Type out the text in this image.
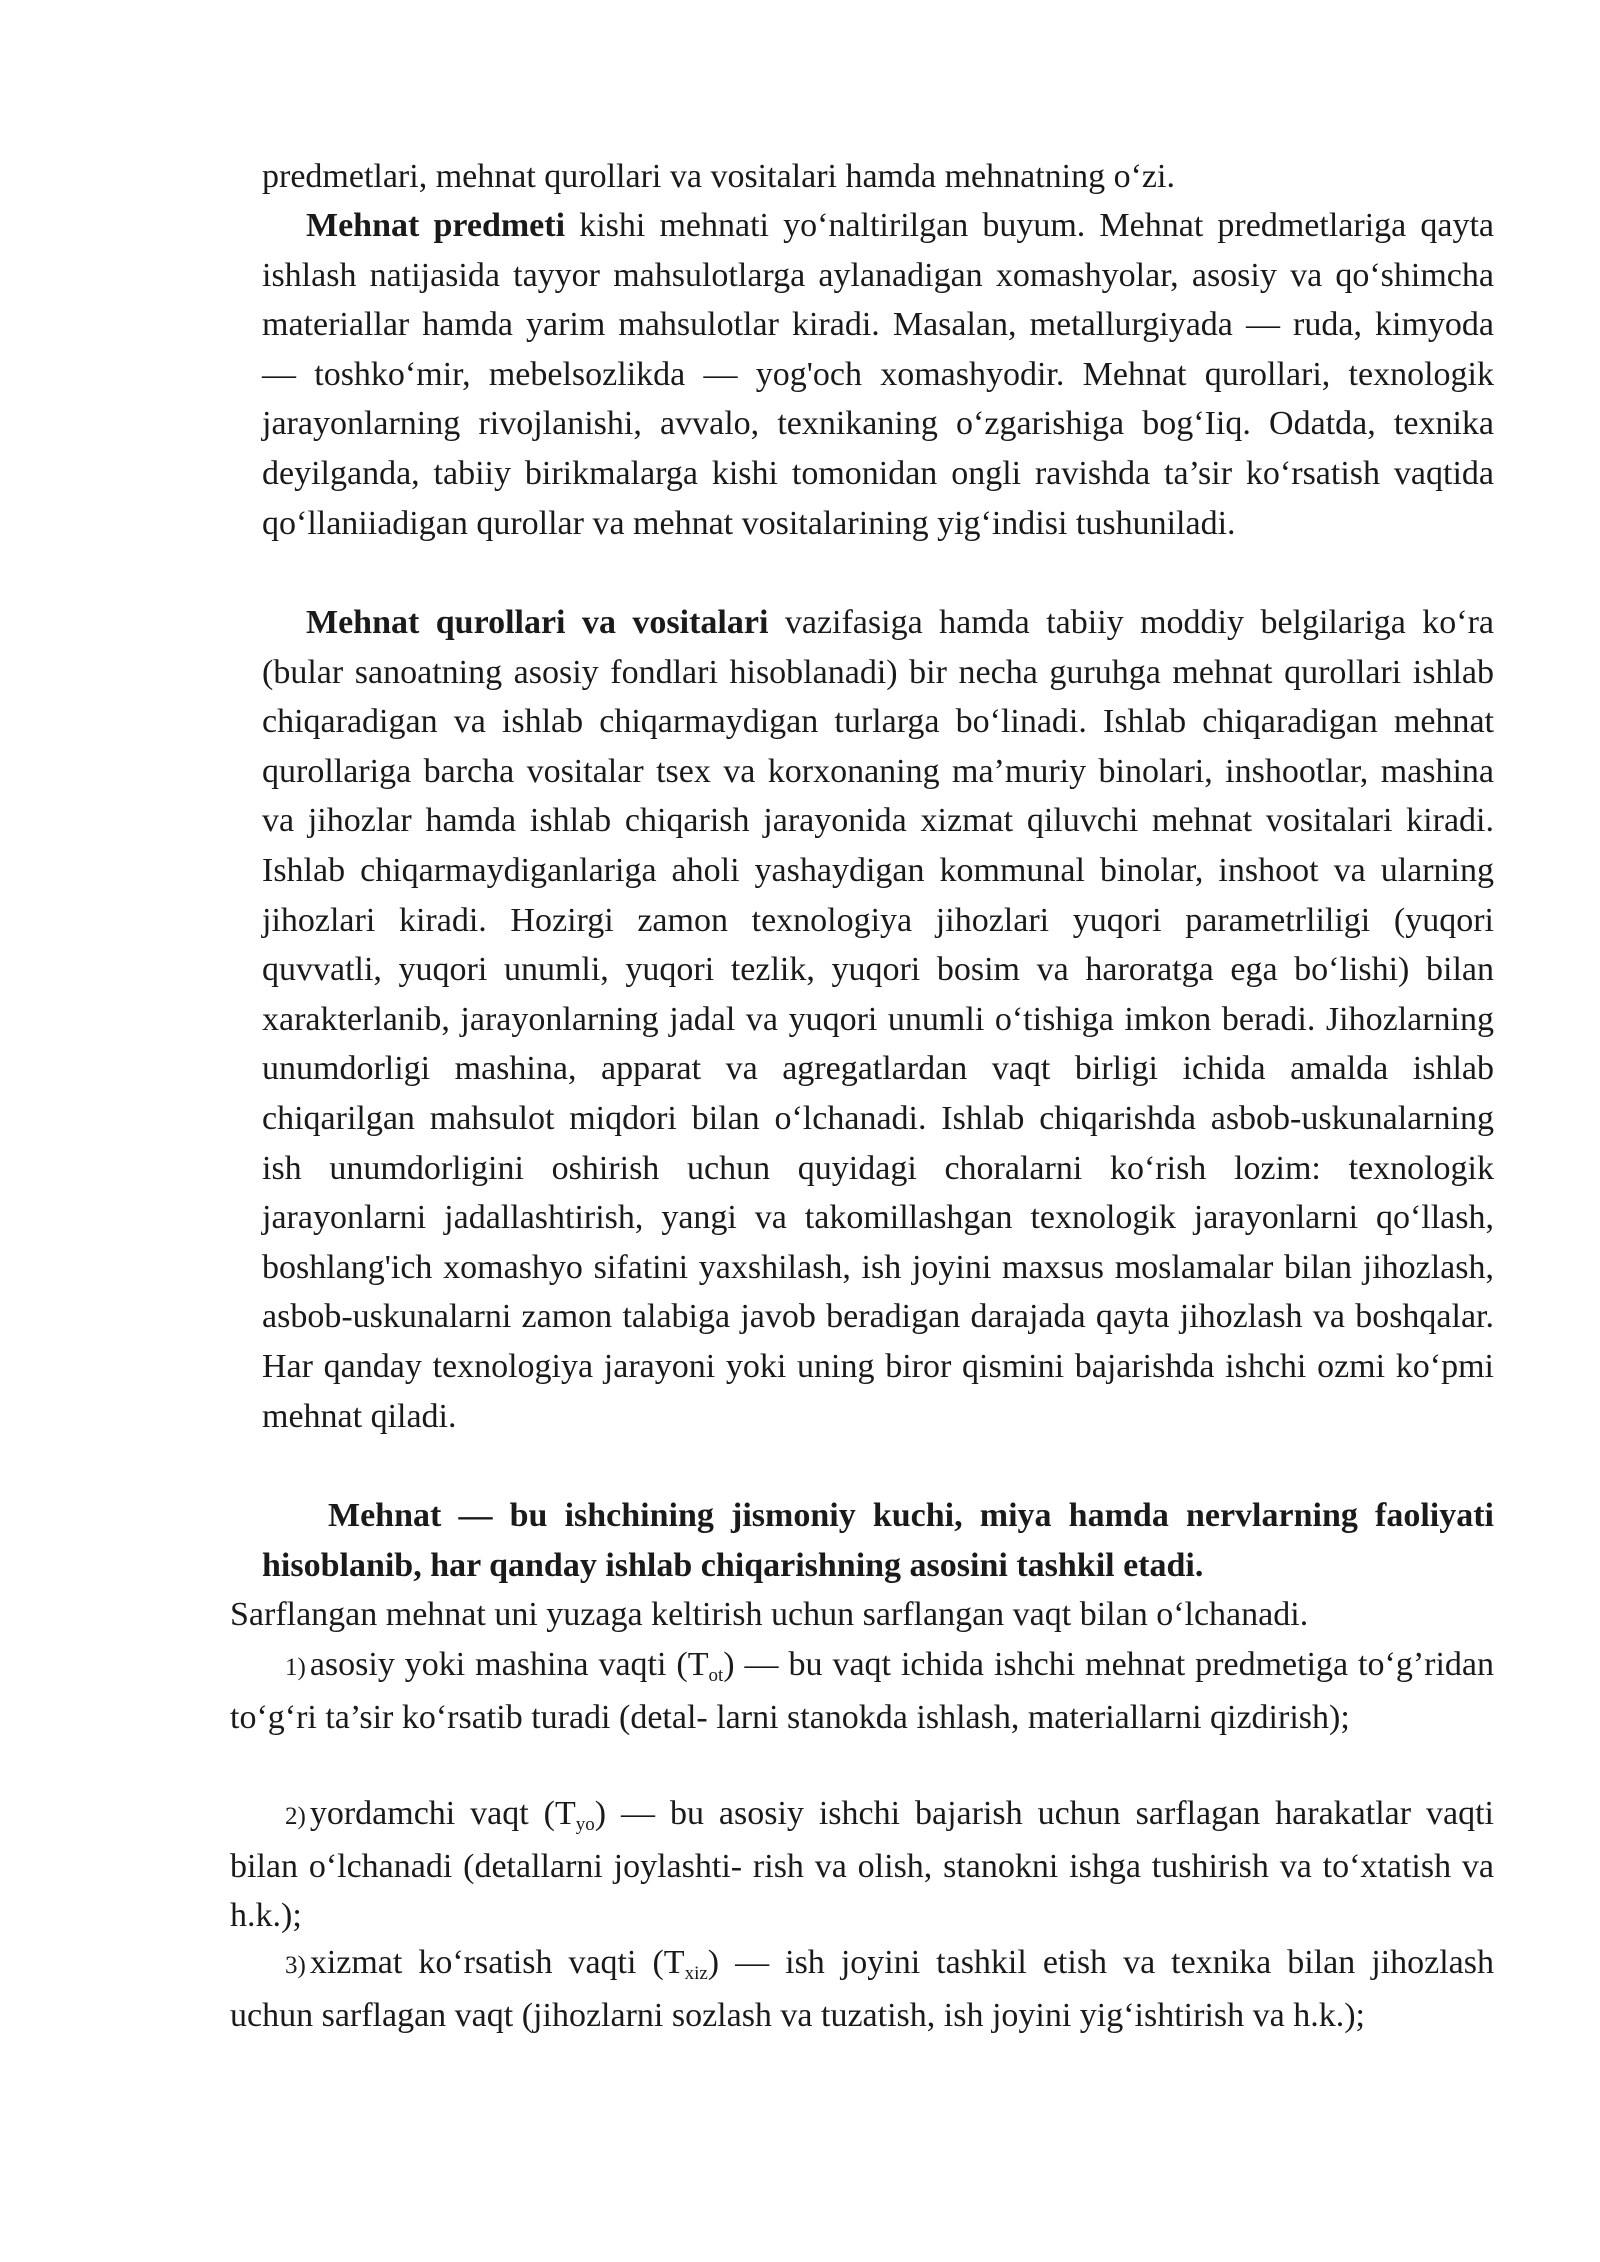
predmetlari, mehnat qurollari va vositalari hamda mehnatning o‘zi.

Mehnat predmeti kishi mehnati yo‘naltirilgan buyum. Mehnat predmetlariga qayta ishlash natijasida tayyor mahsulotlarga aylanadigan xomashyolar, asosiy va qo‘shimcha materiallar hamda yarim mahsulotlar kiradi. Masalan, metallurgiyada — ruda, kimyoda — toshko‘mir, mebelsozlikda — yog'och xomashyodir. Mehnat qurollari, texnologik jarayonlarning rivojlanishi, avvalo, texnikaning o‘zgarishiga bog‘Iiq. Odatda, texnika deyilganda, tabiiy birikmalarga kishi tomonidan ongli ravishda ta’sir ko‘rsatish vaqtida qo‘llaniiadigan qurollar va mehnat vositalarining yig‘indisi tushuniladi.

Mehnat qurollari va vositalari vazifasiga hamda tabiiy moddiy belgilariga ko‘ra (bular sanoatning asosiy fondlari hisoblanadi) bir necha guruhga mehnat qurollari ishlab chiqaradigan va ishlab chiqarmaydigan turlarga bo‘linadi. Ishlab chiqaradigan mehnat qurollariga barcha vositalar tsex va korxonaning ma’muriy binolari, inshootlar, mashina va jihozlar hamda ishlab chiqarish jarayonida xizmat qiluvchi mehnat vositalari kiradi. Ishlab chiqarmaydiganlariga aholi yashaydigan kommunal binolar, inshoot va ularning jihozlari kiradi. Hozirgi zamon texnologiya jihozlari yuqori parametrliligi (yuqori quvvatli, yuqori unumli, yuqori tezlik, yuqori bosim va haroratga ega bo‘lishi) bilan xarakterlanib, jarayonlarning jadal va yuqori unumli o‘tishiga imkon beradi. Jihozlarning unumdorligi mashina, apparat va agregatlardan vaqt birligi ichida amalda ishlab chiqarilgan mahsulot miqdori bilan o‘lchanadi. Ishlab chiqarishda asbob-uskunalarning ish unumdorligini oshirish uchun quyidagi choralarni ko‘rish lozim: texnologik jarayonlarni jadallashtirish, yangi va takomillashgan texnologik jarayonlarni qo‘llash, boshlang'ich xomashyo sifatini yaxshilash, ish joyini maxsus moslamalar bilan jihozlash, asbob-uskunalarni zamon talabiga javob beradigan darajada qayta jihozlash va boshqalar. Har qanday texnologiya jarayoni yoki uning biror qismini bajarishda ishchi ozmi ko‘pmi mehnat qiladi.

Mehnat — bu ishchining jismoniy kuchi, miya hamda nervlarning faoliyati hisoblanib, har qanday ishlab chiqarishning asosini tashkil etadi.

Sarflangan mehnat uni yuzaga keltirish uchun sarflangan vaqt bilan o‘lchanadi.

1) asosiy yoki mashina vaqti $(T_{ot})$ — bu vaqt ichida ishchi mehnat predmetiga to‘g’ridan to‘g‘ri ta’sir ko‘rsatib turadi (detal- larni stanokda ishlash, materiallarni qizdirish);

2) yordamchi vaqt $(T_{yo})$ — bu asosiy ishchi bajarish uchun sarflagan harakatlar vaqti bilan o‘lchanadi (detallarni joylashti- rish va olish, stanokni ishga tushirish va to‘xtatish va h.k.);

3) xizmat ko‘rsatish vaqti $(T_{xiz})$ — ish joyini tashkil etish va texnika bilan jihozlash uchun sarflagan vaqt (jihozlarni sozlash va tuzatish, ish joyini yig‘ishtirish va h.k.);
